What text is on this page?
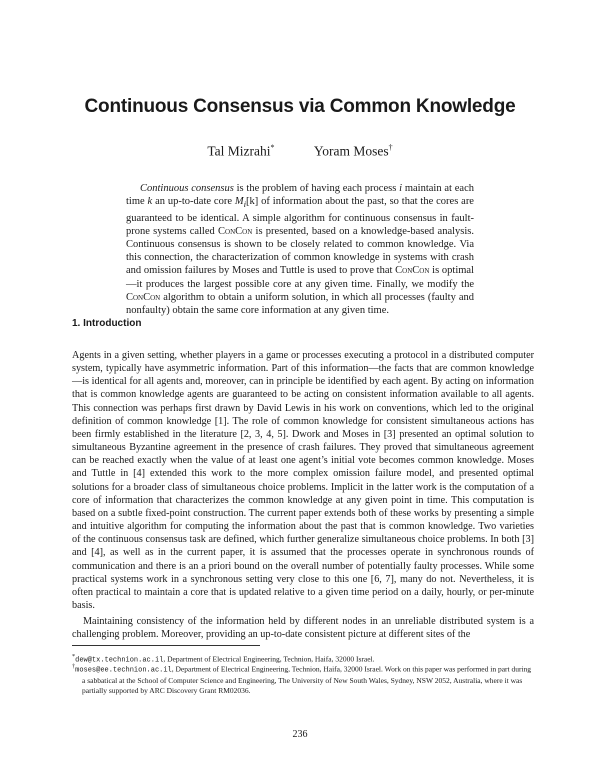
Continuous Consensus via Common Knowledge
Tal Mizrahi*	Yoram Moses†

Continuous consensus is the problem of having each process i maintain at each time k an up-to-date core $M_i[k]$ of information about the past, so that the cores are guaranteed to be identical. A simple algorithm for continuous consensus in fault-prone systems called ConCon is presented, based on a knowledge-based analysis. Continuous consensus is shown to be closely related to common knowledge. Via this connection, the characterization of common knowledge in systems with crash and omission failures by Moses and Tuttle is used to prove that ConCon is optimal—it produces the largest possible core at any given time. Finally, we modify the ConCon algorithm to obtain a uniform solution, in which all processes (faulty and nonfaulty) obtain the same core information at any given time.

1. Introduction

Agents in a given setting, whether players in a game or processes executing a protocol in a distributed computer system, typically have asymmetric information. Part of this information—the facts that are common knowledge—is identical for all agents and, moreover, can in principle be identified by each agent. By acting on information that is common knowledge agents are guaranteed to be acting on consistent information available to all agents. This connection was perhaps first drawn by David Lewis in his work on conventions, which led to the original definition of common knowledge [1]. The role of common knowledge for consistent simultaneous actions has been firmly established in the literature [2, 3, 4, 5]. Dwork and Moses in [3] presented an optimal solution to simultaneous Byzantine agreement in the presence of crash failures. They proved that simultaneous agreement can be reached exactly when the value of at least one agent’s initial vote becomes common knowledge. Moses and Tuttle in [4] extended this work to the more complex omission failure model, and presented optimal solutions for a broader class of simultaneous choice problems. Implicit in the latter work is the computation of a core of information that characterizes the common knowledge at any given point in time. This computation is based on a subtle fixed-point construction. The current paper extends both of these works by presenting a simple and intuitive algorithm for computing the information about the past that is common knowledge. Two varieties of the continuous consensus task are defined, which further generalize simultaneous choice problems. In both [3] and [4], as well as in the current paper, it is assumed that the processes operate in synchronous rounds of communication and there is an a priori bound on the overall number of potentially faulty processes. While some practical systems work in a synchronous setting very close to this one [6, 7], many do not. Nevertheless, it is often practical to maintain a core that is updated relative to a given time period on a daily, hourly, or per-minute basis.

Maintaining consistency of the information held by different nodes in an unreliable distributed system is a challenging problem. Moreover, providing an up-to-date consistent picture at different sites of the

*dew@tx.technion.ac.il, Department of Electrical Engineering, Technion, Haifa, 32000 Israel.

†moses@ee.technion.ac.il, Department of Electrical Engineering, Technion, Haifa, 32000 Israel. Work on this paper was performed in part during a sabbatical at the School of Computer Science and Engineering, The University of New South Wales, Sydney, NSW 2052, Australia, where it was partially supported by ARC Discovery Grant RM02036.

236
